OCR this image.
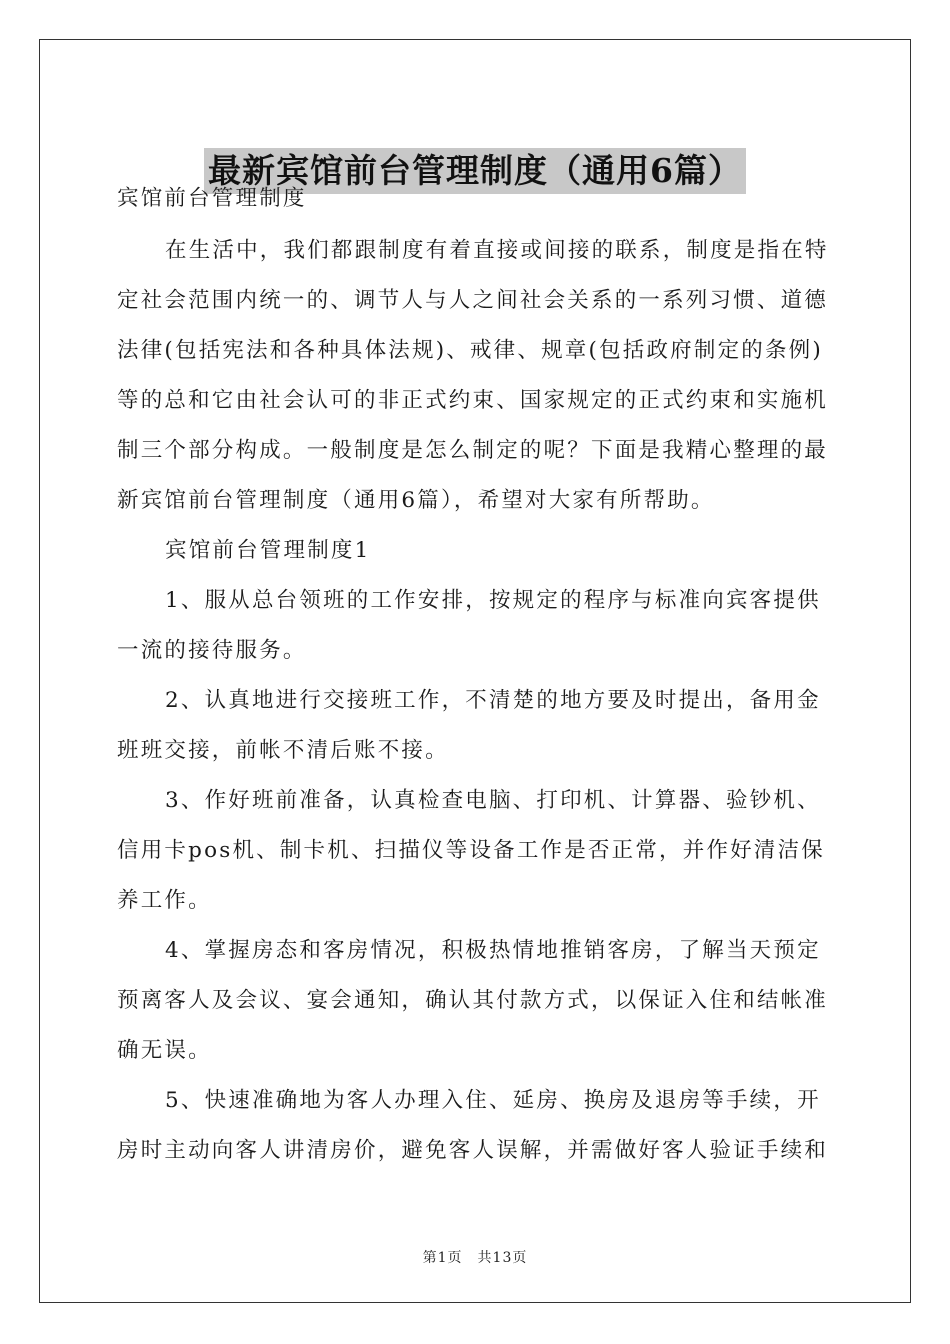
最新宾馆前台管理制度（通用6篇）

宾馆前台管理制度

在生活中，我们都跟制度有着直接或间接的联系，制度是指在特定社会范围内统一的、调节人与人之间社会关系的一系列习惯、道德法律(包括宪法和各种具体法规)、戒律、规章(包括政府制定的条例)等的总和它由社会认可的非正式约束、国家规定的正式约束和实施机制三个部分构成。一般制度是怎么制定的呢？下面是我精心整理的最新宾馆前台管理制度（通用6篇），希望对大家有所帮助。

宾馆前台管理制度1

1、服从总台领班的工作安排，按规定的程序与标准向宾客提供一流的接待服务。

2、认真地进行交接班工作，不清楚的地方要及时提出，备用金班班交接，前帐不清后账不接。

3、作好班前准备，认真检查电脑、打印机、计算器、验钞机、信用卡pos机、制卡机、扫描仪等设备工作是否正常，并作好清洁保养工作。

4、掌握房态和客房情况，积极热情地推销客房，了解当天预定预离客人及会议、宴会通知，确认其付款方式，以保证入住和结帐准确无误。

5、快速准确地为客人办理入住、延房、换房及退房等手续，开房时主动向客人讲清房价，避免客人误解，并需做好客人验证手续和

第1页　共13页
